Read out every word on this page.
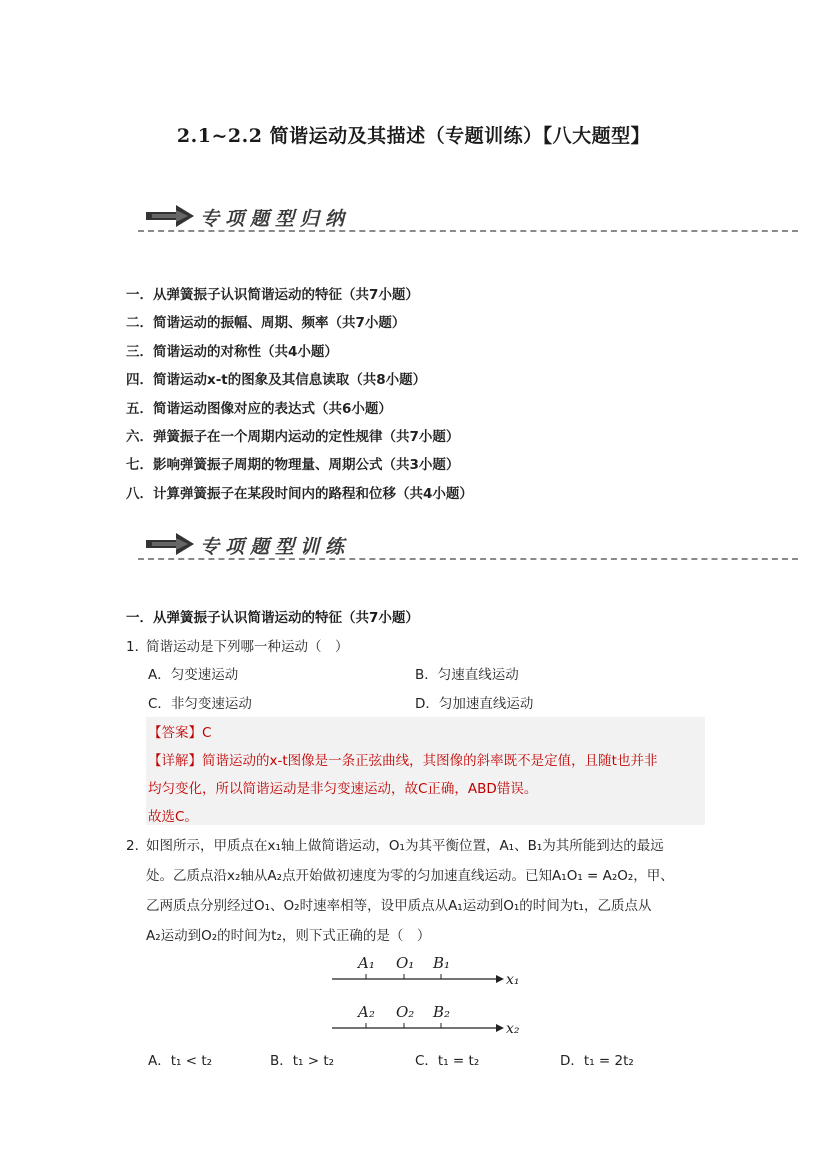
2.1~2.2 简谐运动及其描述（专题训练）【八大题型】
专项题型归纳
一．从弹簧振子认识简谐运动的特征（共7小题）
二．简谐运动的振幅、周期、频率（共7小题）
三．简谐运动的对称性（共4小题）
四．简谐运动x-t的图象及其信息读取（共8小题）
五．简谐运动图像对应的表达式（共6小题）
六．弹簧振子在一个周期内运动的定性规律（共7小题）
七．影响弹簧振子周期的物理量、周期公式（共3小题）
八．计算弹簧振子在某段时间内的路程和位移（共4小题）
专项题型训练
一．从弹簧振子认识简谐运动的特征（共7小题）
1．
简谐运动是下列哪一种运动（　）
A．匀变速运动	B．匀速直线运动
C．非匀变速运动	D．匀加速直线运动
【答案】C
【详解】简谐运动的x-t图像是一条正弦曲线，其图像的斜率既不是定值，且随t也并非
均匀变化，所以简谐运动是非匀变速运动，故C正确，ABD错误。
故选C。
2．
如图所示，甲质点在x₁轴上做简谐运动，O₁为其平衡位置，A₁、B₁为其所能到达的最远
处。乙质点沿x₂轴从A₂点开始做初速度为零的匀加速直线运动。已知A₁O₁ = A₂O₂，甲、
乙两质点分别经过O₁、O₂时速率相等，设甲质点从A₁运动到O₁的时间为t₁，乙质点从
A₂运动到O₂的时间为t₂，则下式正确的是（　）
A₁ O₁ B₁
x₁
A₂ O₂ B₂
x₂
A．t₁ < t₂	B．t₁ > t₂	C．t₁ = t₂	D．t₁ = 2t₂
